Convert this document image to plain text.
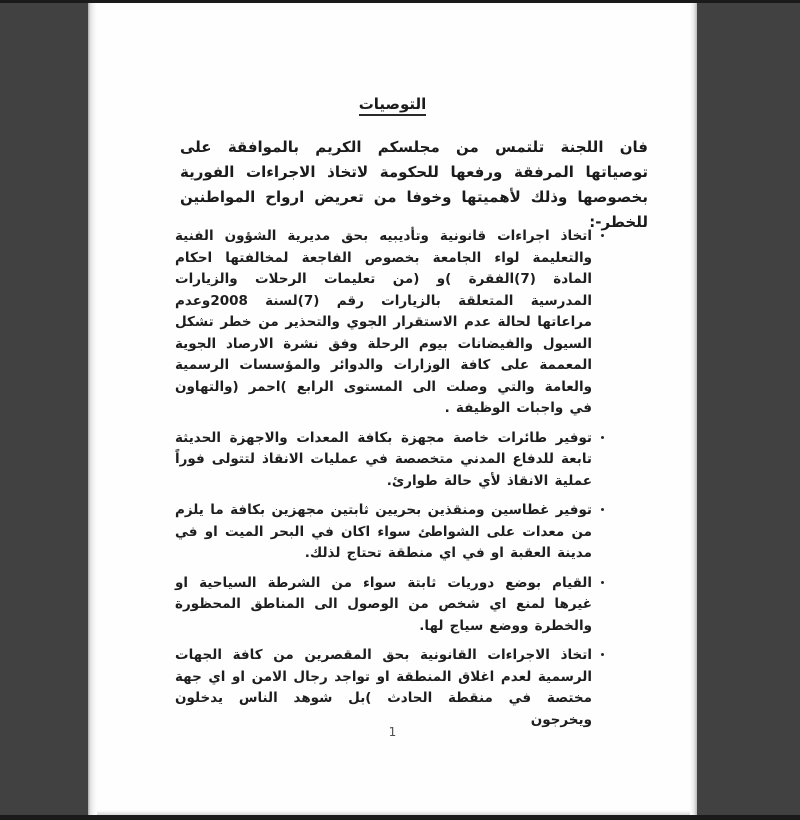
التوصيات
فان اللجنة تلتمس من مجلسكم الكريم بالموافقة على توصياتها المرفقة ورفعها للحكومة لاتخاذ الاجراءات الفورية بخصوصها وذلك لأهميتها وخوفا من تعريض ارواح المواطنين للخطر-:
اتخاذ اجراءات قانونية وتأديبيه بحق مديرية الشؤون الفنية والتعليمة لواء الجامعة بخصوص الفاجعة لمخالفتها احكام المادة (7)الفقرة )و (من تعليمات الرحلات والزيارات المدرسية المتعلقة بالزيارات رقم (7)لسنة 2008وعدم مراعاتها لحالة عدم الاستقرار الجوي والتحذير من خطر تشكل السيول والفيضانات بيوم الرحلة وفق نشرة الارصاد الجوية المعممة على كافة الوزارات والدوائر والمؤسسات الرسمية والعامة والتي وصلت الى المستوى الرابع )احمر (والتهاون في واجبات الوظيفة .
توفير طائرات خاصة مجهزة بكافة المعدات والاجهزة الحديثة تابعة للدفاع المدني متخصصة في عمليات الانقاذ لتتولى فوراً عملية الانقاذ لأي حالة طوارئ.
توفير غطاسين ومنقذين بحريين ثابتين مجهزين بكافة ما يلزم من معدات على الشواطئ سواء اكان في البحر الميت او في مدينة العقبة او في اي منطقة تحتاج لذلك.
القيام بوضع دوريات ثابتة سواء من الشرطة السياحية او غيرها لمنع اي شخص من الوصول الى المناطق المحظورة والخطرة ووضع سياج لها.
اتخاذ الاجراءات القانونية بحق المقصرين من كافة الجهات الرسمية لعدم اغلاق المنطقة او تواجد رجال الامن او اي جهة مختصة في منقطة الحادث )بل شوهد الناس يدخلون ويخرجون
1
